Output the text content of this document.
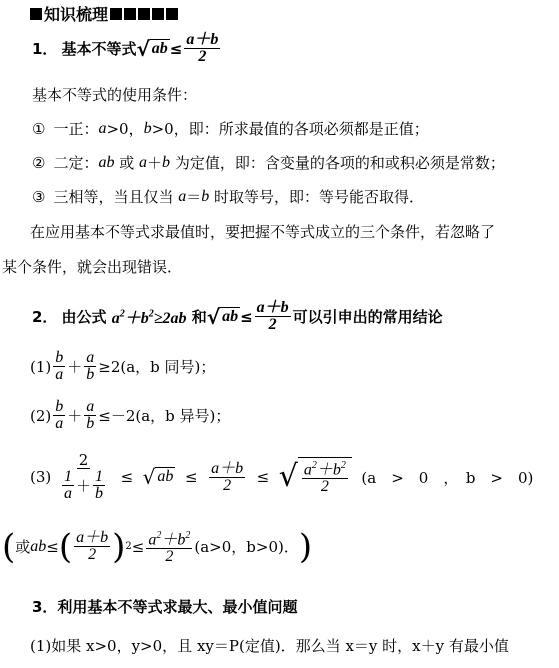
知识梳理
1． 基本不等式 √ ab ≤ $\frac{a+b}{2}$
基本不等式的使用条件：
① 一正： a >0， b >0 ，即：所求最值的各项必须都是正值；
② 二定： ab 或 a ＋ b
为定值，即：含变量的各项的和或积必须是常数；
③ 三相等，当且仅当
a ＝ b
时取等号，即：等号能否取得．
在应用基本不等式求最值时，要把握不等式成立的三个条件，若忽略了
某个条件，就会出现错误．
2． 由公式
$a^2+b^2\ge 2ab$
和 √ ab ≤ $\frac{a+b}{2}$ 可以引申出的常用结论
$(1) \frac{b}{a} + \frac{a}{b} \ge 2(a$，b 同号)；
$(2) \frac{b}{a} + \frac{a}{b} \le-2(a$，b 异号)；
$(3) \frac{2}{\frac{1}{a} + \frac{1}{b}}$ ≤ √ ab ≤ $\frac{a+b}{2}$ ≤ √ $\frac{a^2+b^2}{2}$
(a　>　0　，　b　>　0)
( 或 ab ≤ ( $\frac{a+b}{2}$ ) $2 \le \frac{a^2+b^2}{2} (a>0$，b>0)． )
3．利用基本不等式求最大、最小值问题
(1)如果 x>0，y>0，且 xy＝P(定值)．那么当 x＝y 时，x＋y 有最小值
